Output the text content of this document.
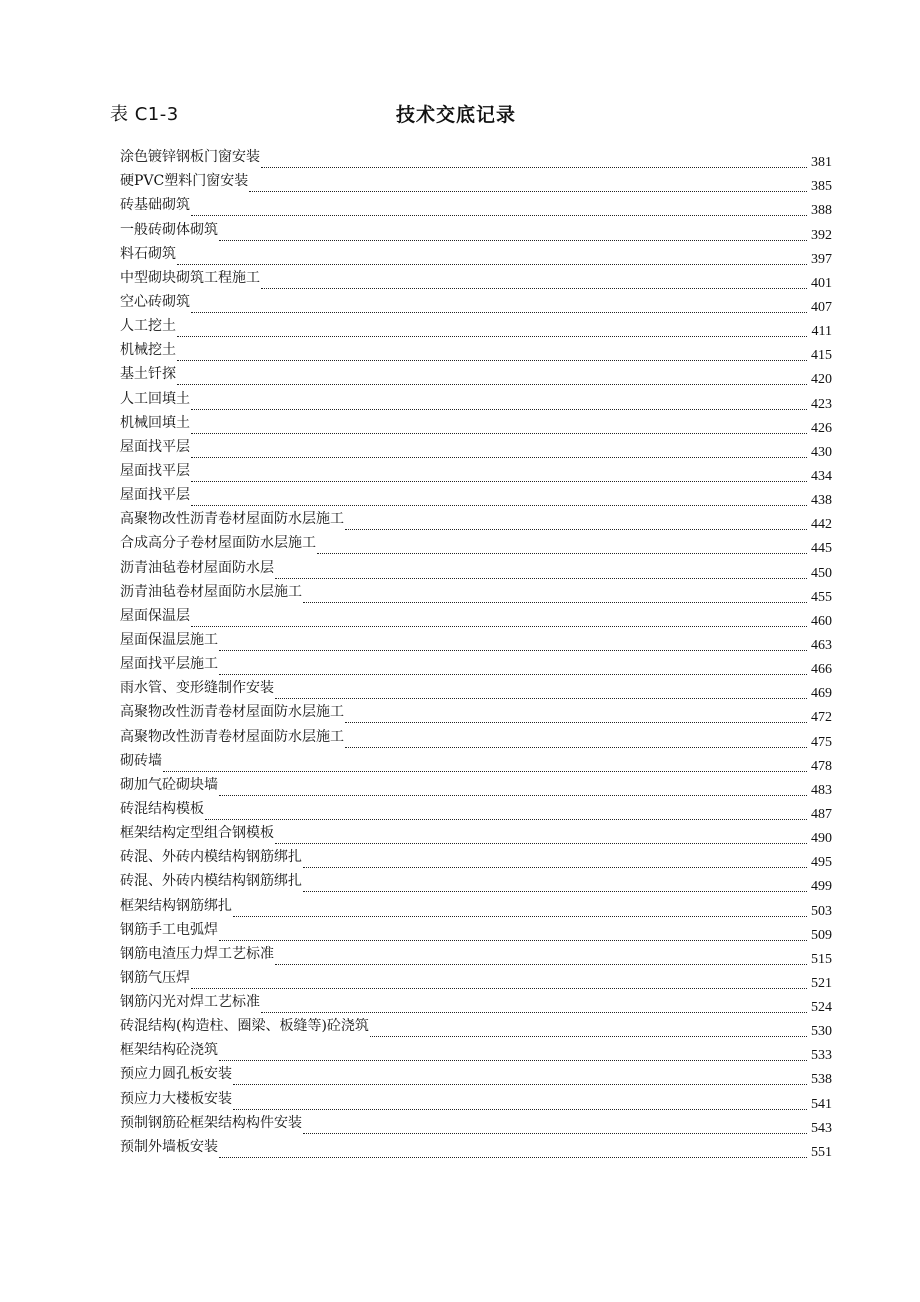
表 C1-3	技术交底记录
涂色镀锌钢板门窗安装	381
硬PVC塑料门窗安装	385
砖基础砌筑	388
一般砖砌体砌筑	392
料石砌筑	397
中型砌块砌筑工程施工	401
空心砖砌筑	407
人工挖土	411
机械挖土	415
基土钎探	420
人工回填土	423
机械回填土	426
屋面找平层	430
屋面找平层	434
屋面找平层	438
高聚物改性沥青卷材屋面防水层施工	442
合成高分子卷材屋面防水层施工	445
沥青油毡卷材屋面防水层	450
沥青油毡卷材屋面防水层施工	455
屋面保温层	460
屋面保温层施工	463
屋面找平层施工	466
雨水管、变形缝制作安装	469
高聚物改性沥青卷材屋面防水层施工	472
高聚物改性沥青卷材屋面防水层施工	475
砌砖墙	478
砌加气砼砌块墙	483
砖混结构模板	487
框架结构定型组合钢模板	490
砖混、外砖内模结构钢筋绑扎	495
砖混、外砖内模结构钢筋绑扎	499
框架结构钢筋绑扎	503
钢筋手工电弧焊	509
钢筋电渣压力焊工艺标准	515
钢筋气压焊	521
钢筋闪光对焊工艺标准	524
砖混结构(构造柱、圈梁、板缝等)砼浇筑	530
框架结构砼浇筑	533
预应力圆孔板安装	538
预应力大楼板安装	541
预制钢筋砼框架结构构件安装	543
预制外墙板安装	551
